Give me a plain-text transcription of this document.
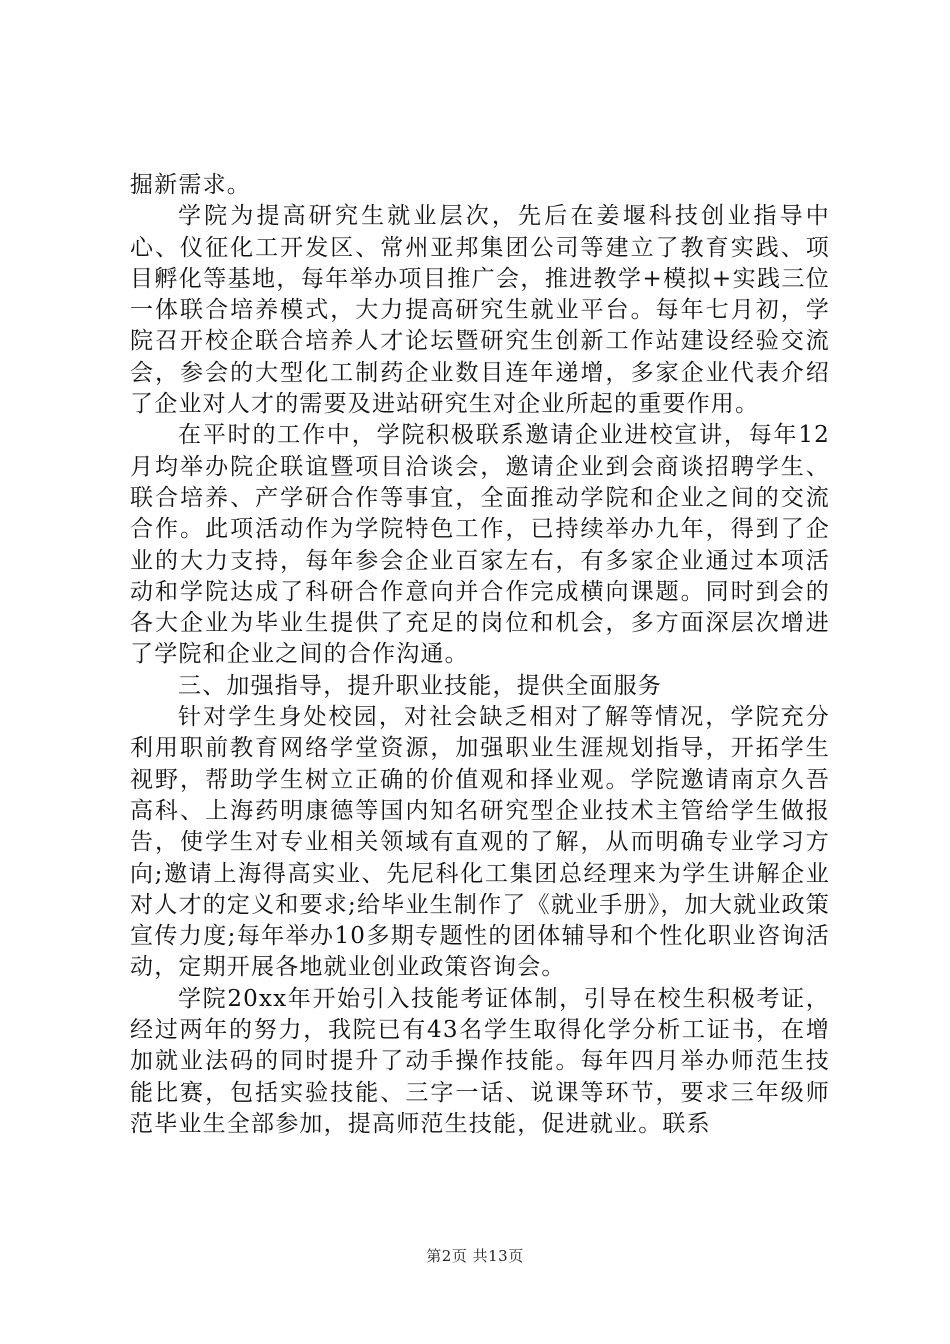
掘新需求。

学院为提高研究生就业层次，先后在姜堰科技创业指导中心、仪征化工开发区、常州亚邦集团公司等建立了教育实践、项目孵化等基地，每年举办项目推广会，推进教学+模拟+实践三位一体联合培养模式，大力提高研究生就业平台。每年七月初，学院召开校企联合培养人才论坛暨研究生创新工作站建设经验交流会，参会的大型化工制药企业数目连年递增，多家企业代表介绍了企业对人才的需要及进站研究生对企业所起的重要作用。

在平时的工作中，学院积极联系邀请企业进校宣讲，每年12月均举办院企联谊暨项目洽谈会，邀请企业到会商谈招聘学生、联合培养、产学研合作等事宜，全面推动学院和企业之间的交流合作。此项活动作为学院特色工作，已持续举办九年，得到了企业的大力支持，每年参会企业百家左右，有多家企业通过本项活动和学院达成了科研合作意向并合作完成横向课题。同时到会的各大企业为毕业生提供了充足的岗位和机会，多方面深层次增进了学院和企业之间的合作沟通。

三、加强指导，提升职业技能，提供全面服务

针对学生身处校园，对社会缺乏相对了解等情况，学院充分利用职前教育网络学堂资源，加强职业生涯规划指导，开拓学生视野，帮助学生树立正确的价值观和择业观。学院邀请南京久吾高科、上海药明康德等国内知名研究型企业技术主管给学生做报告，使学生对专业相关领域有直观的了解，从而明确专业学习方向;邀请上海得高实业、先尼科化工集团总经理来为学生讲解企业对人才的定义和要求;给毕业生制作了《就业手册》，加大就业政策宣传力度;每年举办10多期专题性的团体辅导和个性化职业咨询活动，定期开展各地就业创业政策咨询会。

学院20xx年开始引入技能考证体制，引导在校生积极考证，经过两年的努力，我院已有43名学生取得化学分析工证书，在增加就业法码的同时提升了动手操作技能。每年四月举办师范生技能比赛，包括实验技能、三字一话、说课等环节，要求三年级师范毕业生全部参加，提高师范生技能，促进就业。联系

第2页 共13页
